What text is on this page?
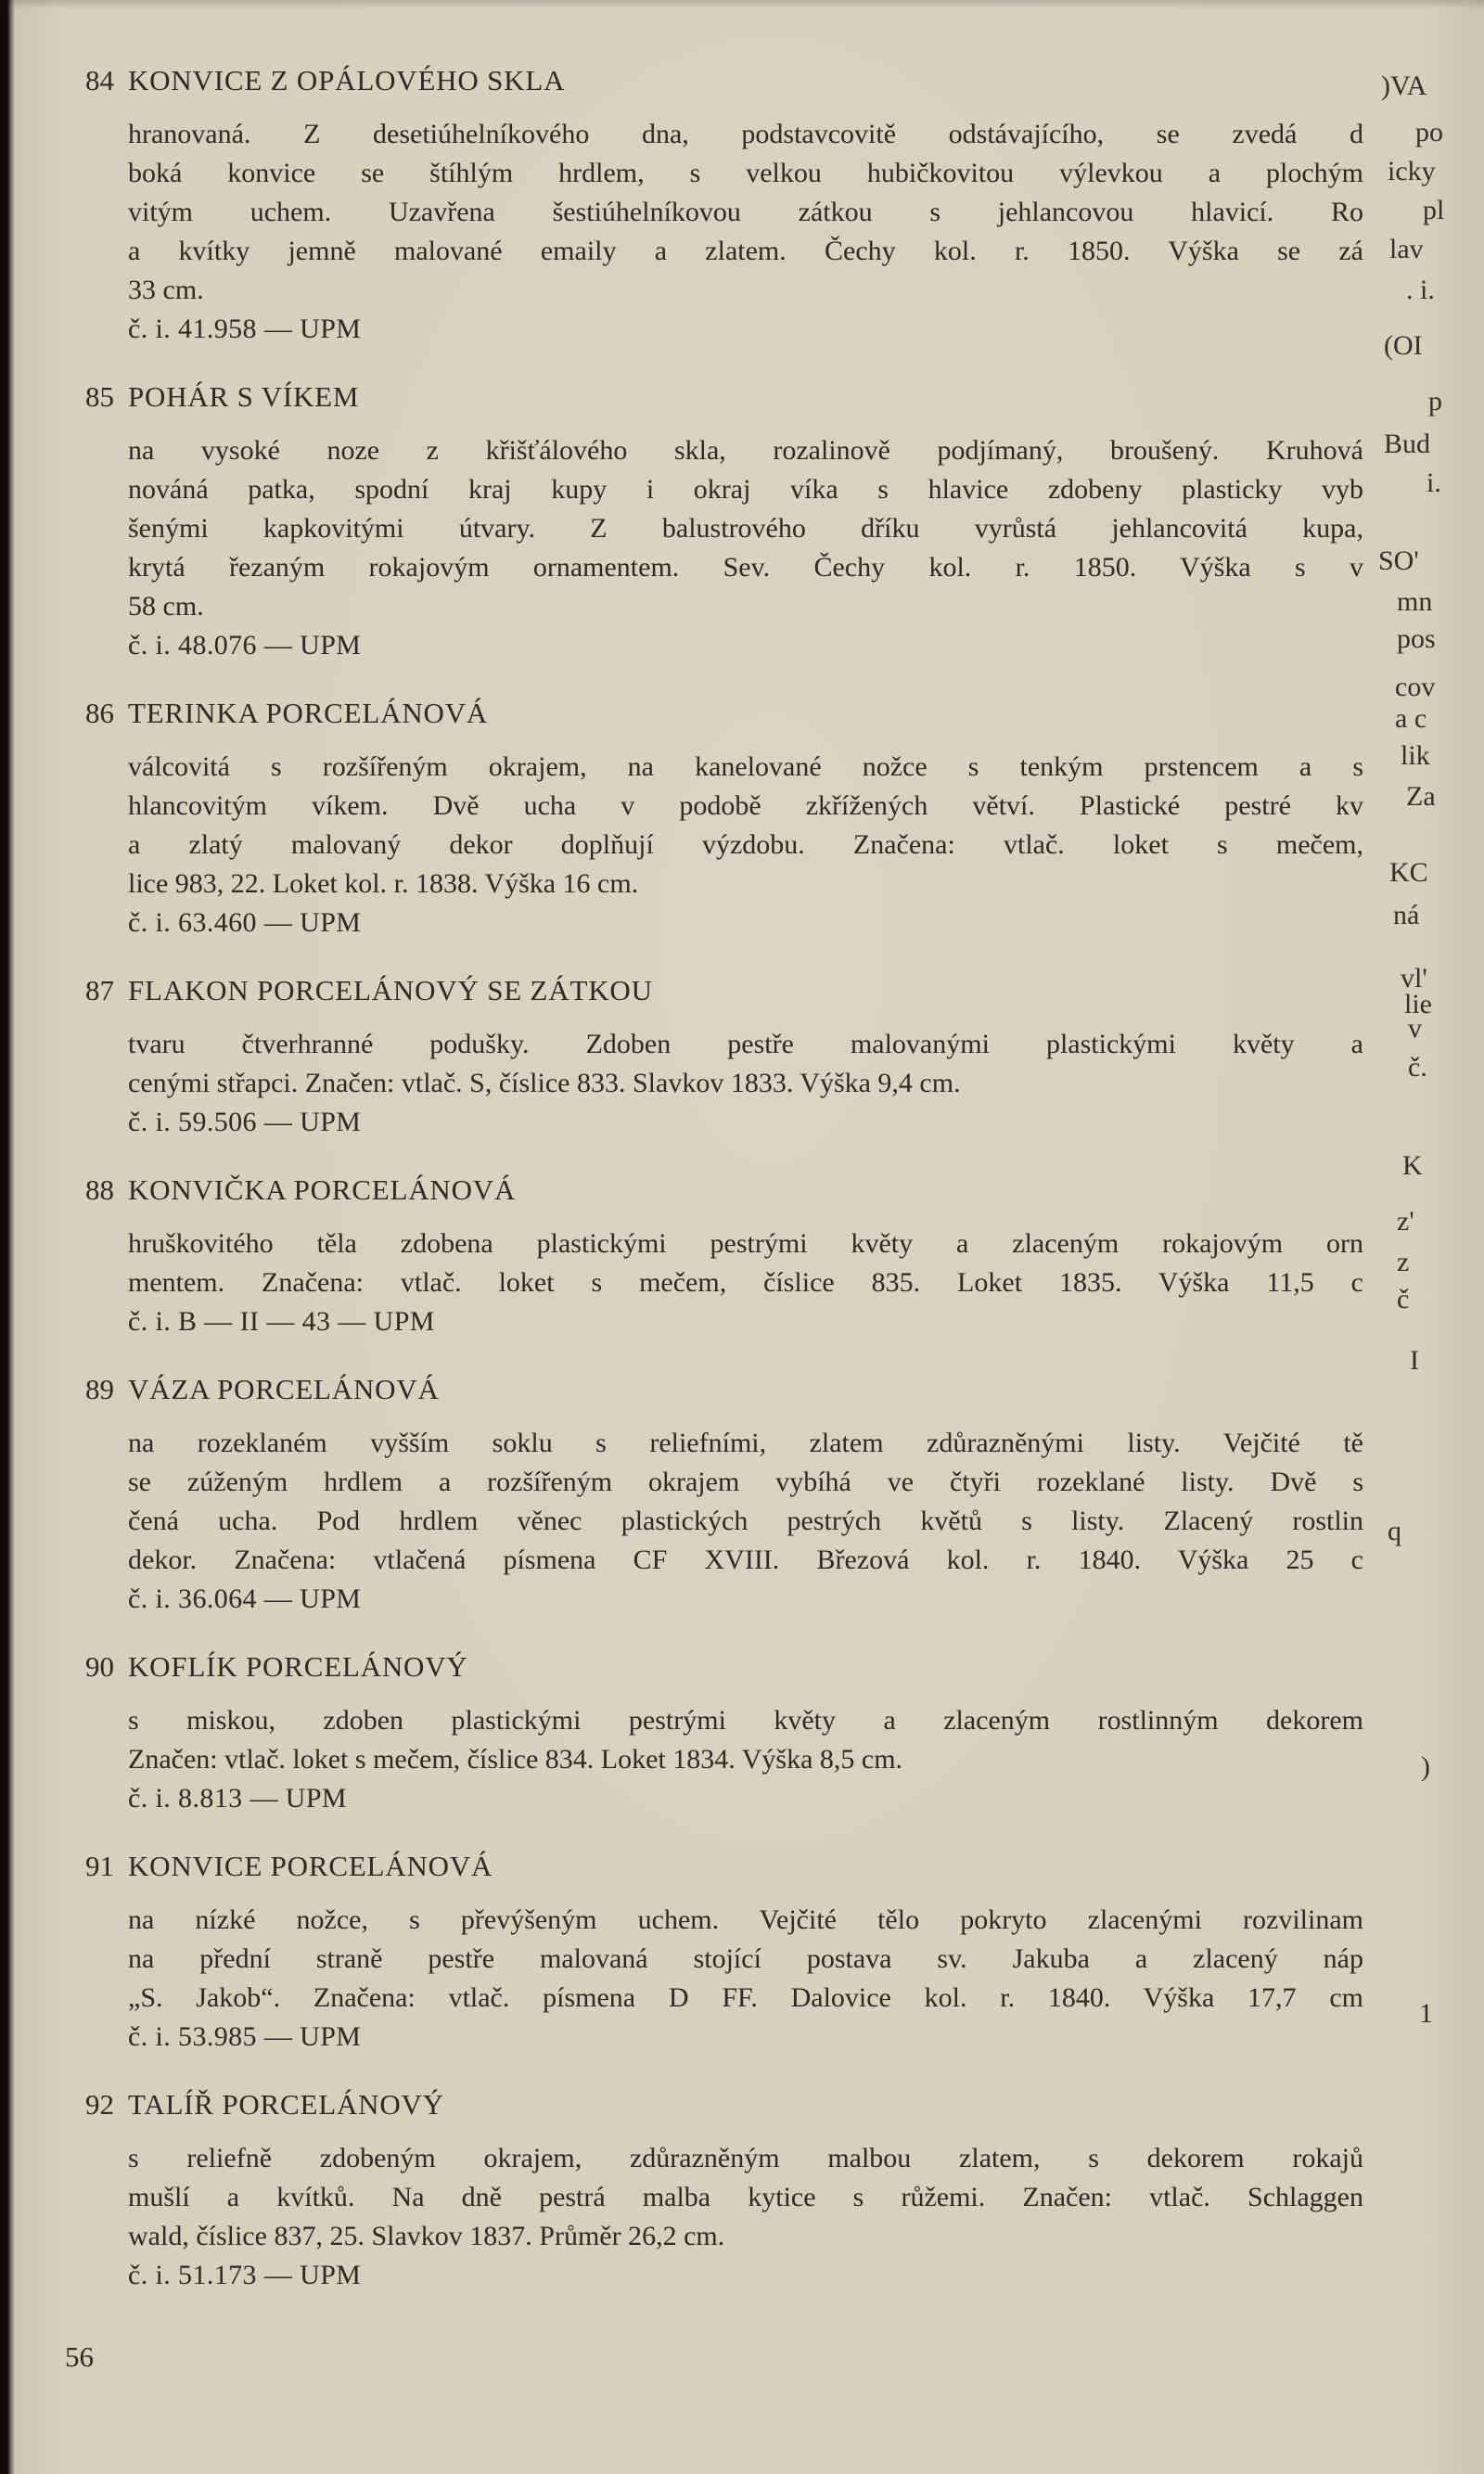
84 KONVICE Z OPÁLOVÉHO SKLA

hranovaná. Z desetiúhelníkového dna, podstavcovitě odstávajícího, se zvedá d

boká konvice se štíhlým hrdlem, s velkou hubičkovitou výlevkou a plochým

vitým uchem. Uzavřena šestiúhelníkovou zátkou s jehlancovou hlavicí. Ro

a kvítky jemně malované emaily a zlatem. Čechy kol. r. 1850. Výška se zá

33 cm.

č. i. 41.958 — UPM

85 POHÁR S VÍKEM

na vysoké noze z křišťálového skla, rozalinově podjímaný, broušený. Kruhová

nováná patka, spodní kraj kupy i okraj víka s hlavice zdobeny plasticky vyb

šenými kapkovitými útvary. Z balustrového dříku vyrůstá jehlancovitá kupa,

krytá řezaným rokajovým ornamentem. Sev. Čechy kol. r. 1850. Výška s v

58 cm.

č. i. 48.076 — UPM

86 TERINKA PORCELÁNOVÁ

válcovitá s rozšířeným okrajem, na kanelované nožce s tenkým prstencem a s

hlancovitým víkem. Dvě ucha v podobě zkřížených větví. Plastické pestré kv

a zlatý malovaný dekor doplňují výzdobu. Značena: vtlač. loket s mečem,

lice 983, 22. Loket kol. r. 1838. Výška 16 cm.

č. i. 63.460 — UPM

87 FLAKON PORCELÁNOVÝ SE ZÁTKOU

tvaru čtverhranné podušky. Zdoben pestře malovanými plastickými květy a

cenými střapci. Značen: vtlač. S, číslice 833. Slavkov 1833. Výška 9,4 cm.

č. i. 59.506 — UPM

88 KONVIČKA PORCELÁNOVÁ

hruškovitého těla zdobena plastickými pestrými květy a zlaceným rokajovým orn

mentem. Značena: vtlač. loket s mečem, číslice 835. Loket 1835. Výška 11,5 c

č. i. B — II — 43 — UPM

89 VÁZA PORCELÁNOVÁ

na rozeklaném vyšším soklu s reliefními, zlatem zdůrazněnými listy. Vejčité tě

se zúženým hrdlem a rozšířeným okrajem vybíhá ve čtyři rozeklané listy. Dvě s

čená ucha. Pod hrdlem věnec plastických pestrých květů s listy. Zlacený rostlin

dekor. Značena: vtlačená písmena CF XVIII. Březová kol. r. 1840. Výška 25 c

č. i. 36.064 — UPM

90 KOFLÍK PORCELÁNOVÝ

s miskou, zdoben plastickými pestrými květy a zlaceným rostlinným dekorem

Značen: vtlač. loket s mečem, číslice 834. Loket 1834. Výška 8,5 cm.

č. i. 8.813 — UPM

91 KONVICE PORCELÁNOVÁ

na nízké nožce, s převýšeným uchem. Vejčité tělo pokryto zlacenými rozvilinam

na přední straně pestře malovaná stojící postava sv. Jakuba a zlacený náp

„S. Jakob“. Značena: vtlač. písmena D FF. Dalovice kol. r. 1840. Výška 17,7 cm

č. i. 53.985 — UPM

92 TALÍŘ PORCELÁNOVÝ

s reliefně zdobeným okrajem, zdůrazněným malbou zlatem, s dekorem rokajů

mušlí a kvítků. Na dně pestrá malba kytice s růžemi. Značen: vtlač. Schlaggen

wald, číslice 837, 25. Slavkov 1837. Průměr 26,2 cm.

č. i. 51.173 — UPM

56
)VA
po
icky
pl
lav
. i.
(OI
p
Bud
i.
SO'
mn
pos
cov
a c
lik
Za
KC
ná
vl'
lie
v
č.
K
z'
z
č
I
q
)
1
